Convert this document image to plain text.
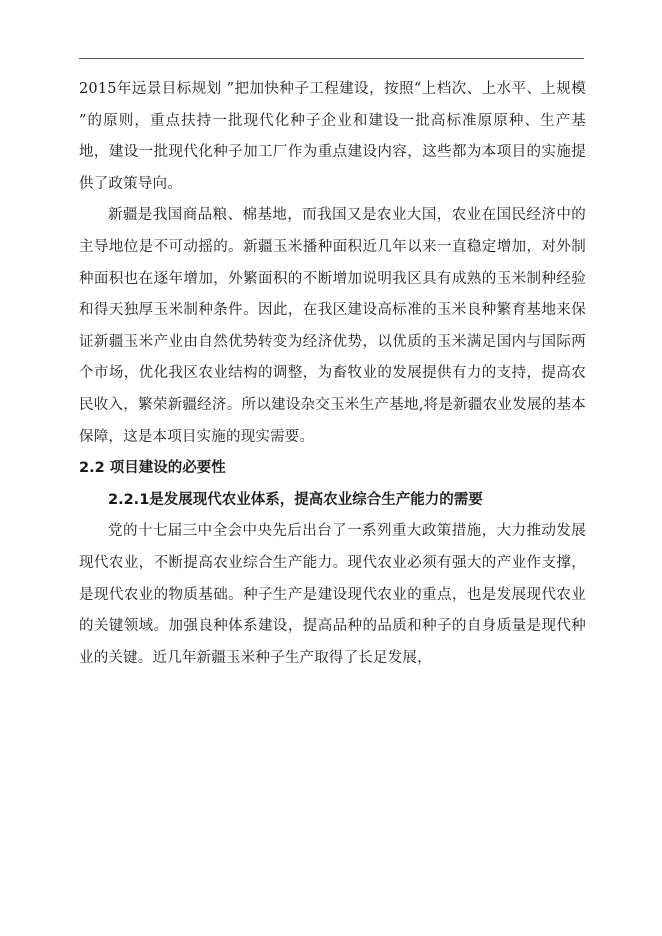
2015年远景目标规划 ”把加快种子工程建设，按照“上档次、上水平、上规模 ”的原则，重点扶持一批现代化种子企业和建设一批高标准原原种、生产基地，建设一批现代化种子加工厂作为重点建设内容，这些都为本项目的实施提供了政策导向。

新疆是我国商品粮、棉基地，而我国又是农业大国，农业在国民经济中的主导地位是不可动摇的。新疆玉米播种面积近几年以来一直稳定增加，对外制种面积也在逐年增加，外繁面积的不断增加说明我区具有成熟的玉米制种经验和得天独厚玉米制种条件。因此，在我区建设高标准的玉米良种繁育基地来保证新疆玉米产业由自然优势转变为经济优势，以优质的玉米满足国内与国际两个市场，优化我区农业结构的调整，为畜牧业的发展提供有力的支持，提高农民收入，繁荣新疆经济。所以建设杂交玉米生产基地,将是新疆农业发展的基本保障，这是本项目实施的现实需要。

2.2 项目建设的必要性

2.2.1是发展现代农业体系，提高农业综合生产能力的需要

党的十七届三中全会中央先后出台了一系列重大政策措施，大力推动发展现代农业，不断提高农业综合生产能力。现代农业必须有强大的产业作支撑，是现代农业的物质基础。种子生产是建设现代农业的重点，也是发展现代农业的关键领域。加强良种体系建设，提高品种的品质和种子的自身质量是现代种业的关键。近几年新疆玉米种子生产取得了长足发展，
